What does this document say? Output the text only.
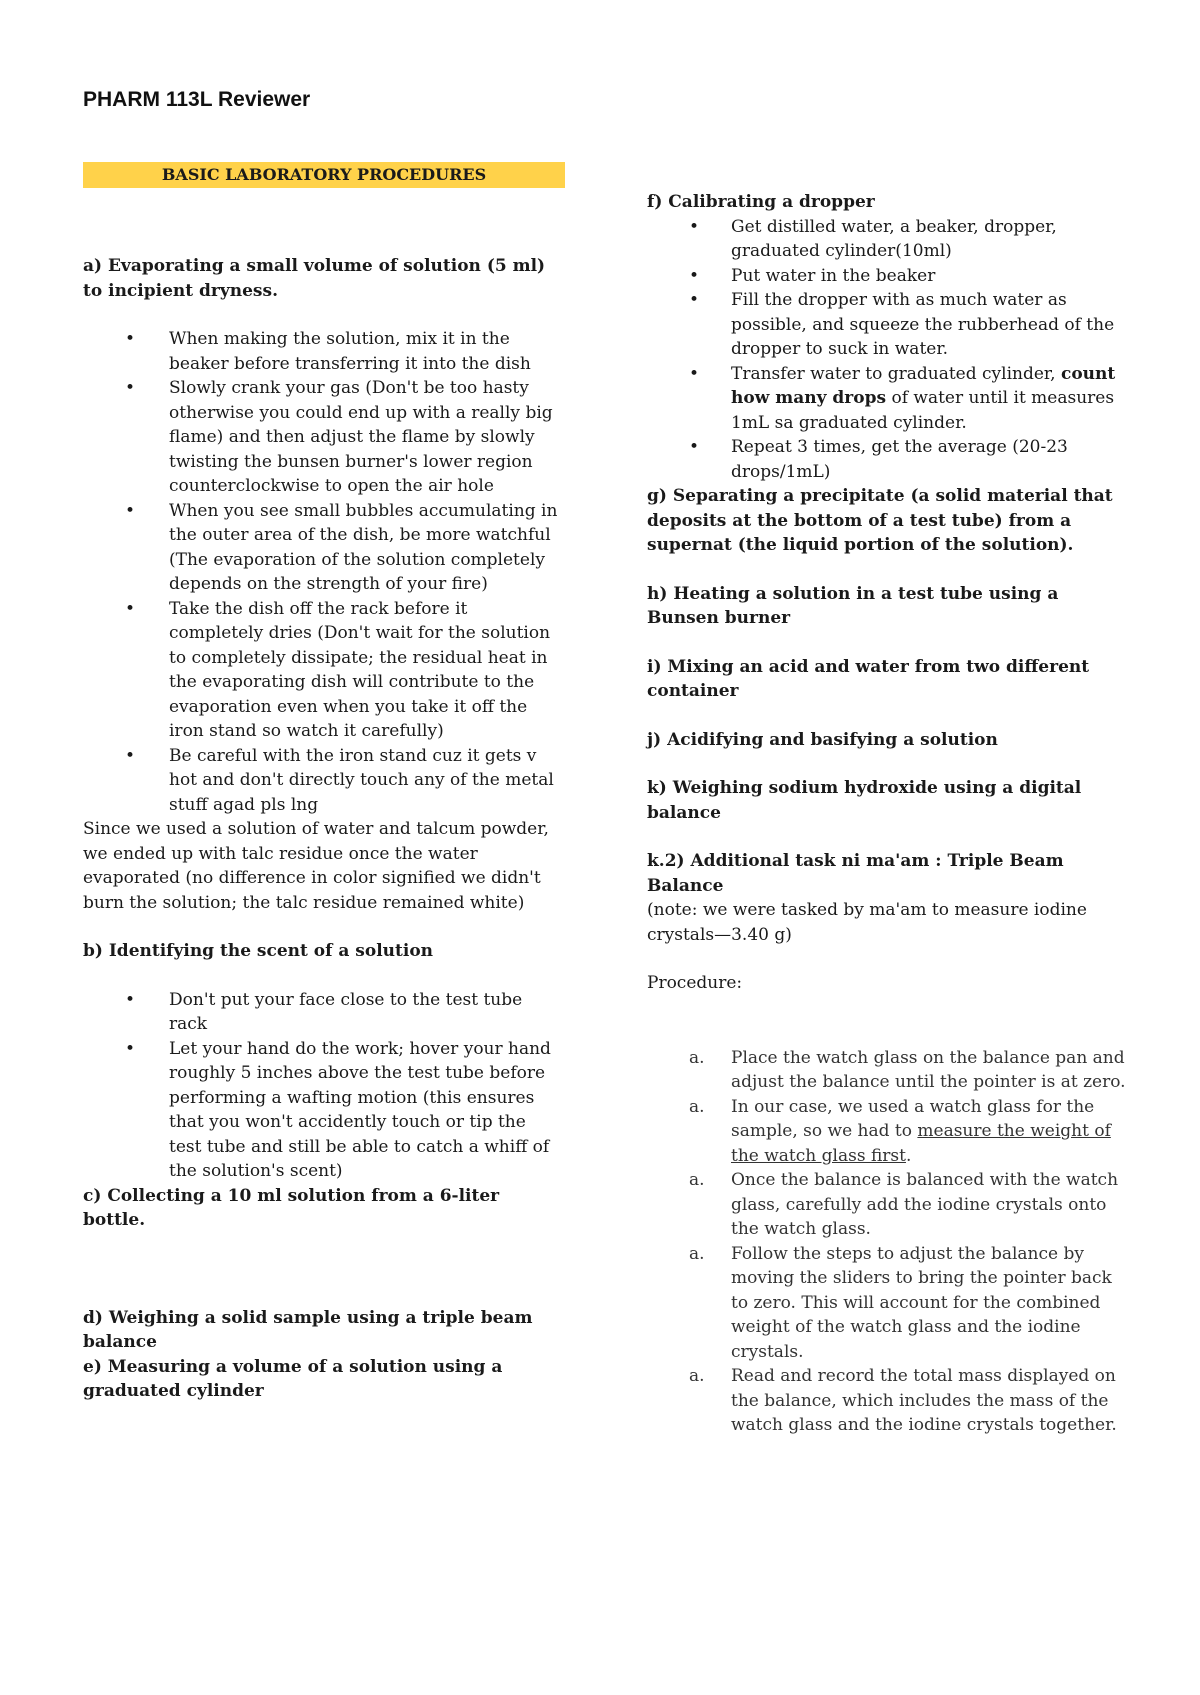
PHARM 113L Reviewer
BASIC LABORATORY PROCEDURES
a) Evaporating a small volume of solution (5 ml) to incipient dryness.
• When making the solution, mix it in the beaker before transferring it into the dish
• Slowly crank your gas (Don't be too hasty otherwise you could end up with a really big flame) and then adjust the flame by slowly twisting the bunsen burner's lower region counterclockwise to open the air hole
• When you see small bubbles accumulating in the outer area of the dish, be more watchful (The evaporation of the solution completely depends on the strength of your fire)
• Take the dish off the rack before it completely dries (Don't wait for the solution to completely dissipate; the residual heat in the evaporating dish will contribute to the evaporation even when you take it off the iron stand so watch it carefully)
• Be careful with the iron stand cuz it gets v hot and don't directly touch any of the metal stuff agad pls lng

Since we used a solution of water and talcum powder, we ended up with talc residue once the water evaporated (no difference in color signified we didn't burn the solution; the talc residue remained white)

b) Identifying the scent of a solution
• Don't put your face close to the test tube rack
• Let your hand do the work; hover your hand roughly 5 inches above the test tube before performing a wafting motion (this ensures that you won't accidently touch or tip the test tube and still be able to catch a whiff of the solution's scent)
c) Collecting a 10 ml solution from a 6-liter bottle.
d) Weighing a solid sample using a triple beam balance
e) Measuring a volume of a solution using a graduated cylinder
f) Calibrating a dropper
• Get distilled water, a beaker, dropper, graduated cylinder(10ml)
• Put water in the beaker
• Fill the dropper with as much water as possible, and squeeze the rubberhead of the dropper to suck in water.
• Transfer water to graduated cylinder, count how many drops of water until it measures 1mL sa graduated cylinder.
• Repeat 3 times, get the average (20-23 drops/1mL)
g) Separating a precipitate (a solid material that deposits at the bottom of a test tube) from a supernat (the liquid portion of the solution).
h) Heating a solution in a test tube using a Bunsen burner
i) Mixing an acid and water from two different container
j) Acidifying and basifying a solution
k) Weighing sodium hydroxide using a digital balance
k.2) Additional task ni ma'am : Triple Beam Balance

(note: we were tasked by ma'am to measure iodine crystals—3.40 g)

Procedure:

a. Place the watch glass on the balance pan and adjust the balance until the pointer is at zero.
a. In our case, we used a watch glass for the sample, so we had to measure the weight of the watch glass first.
a. Once the balance is balanced with the watch glass, carefully add the iodine crystals onto the watch glass.
a. Follow the steps to adjust the balance by moving the sliders to bring the pointer back to zero. This will account for the combined weight of the watch glass and the iodine crystals.
a. Read and record the total mass displayed on the balance, which includes the mass of the watch glass and the iodine crystals together.
